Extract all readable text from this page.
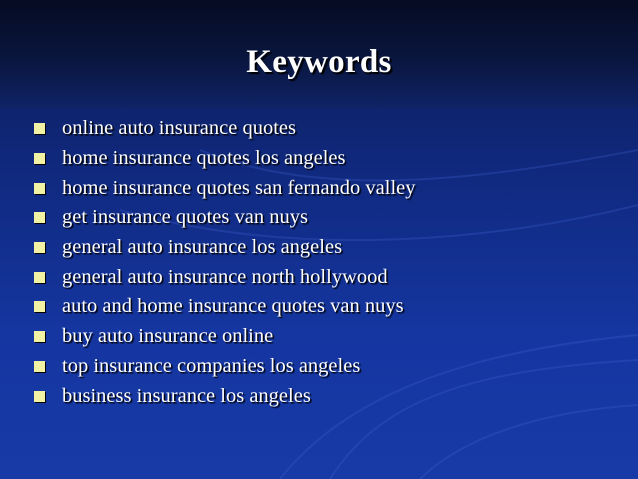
Keywords
online auto insurance quotes
home insurance quotes los angeles
home insurance quotes san fernando valley
get insurance quotes van nuys
general auto insurance los angeles
general auto insurance north hollywood
auto and home insurance quotes van nuys
buy auto insurance online
top insurance companies los angeles
business insurance los angeles
